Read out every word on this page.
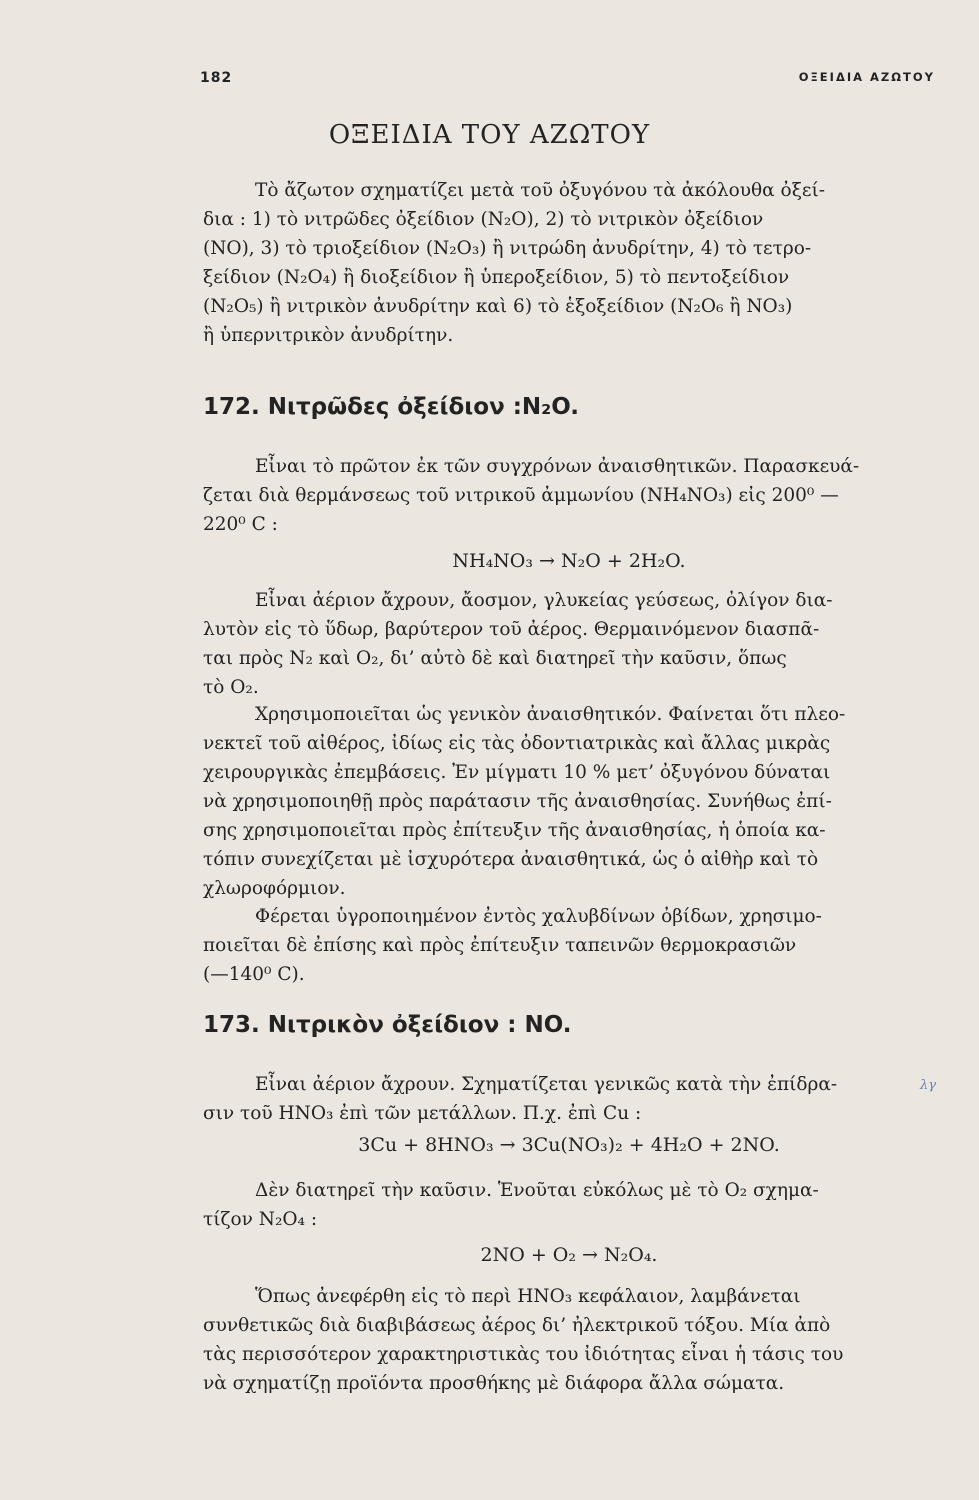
182	ΟΞΕΙΔΙΑ ΑΖΩΤΟΥ
ΟΞΕΙΔΙΑ ΤΟΥ ΑΖΩΤΟΥ
Τὸ ἄζωτον σχηματίζει μετὰ τοῦ ὀξυγόνου τὰ ἀκόλουθα ὀξεί-
δια : 1) τὸ νιτρῶδες ὀξείδιον (N₂O), 2) τὸ νιτρικὸν ὀξείδιον
(NO), 3) τὸ τριοξείδιον (N₂O₃) ἢ νιτρώδη ἀνυδρίτην, 4) τὸ τετρο-
ξείδιον (N₂O₄) ἢ διοξείδιον ἢ ὑπεροξείδιον, 5) τὸ πεντοξείδιον
(N₂O₅) ἢ νιτρικὸν ἀνυδρίτην καὶ 6) τὸ ἑξοξείδιον (N₂O₆ ἢ NO₃)
ἢ ὑπερνιτρικὸν ἀνυδρίτην.
172. Νιτρῶδες ὀξείδιον :N₂O.
Εἶναι τὸ πρῶτον ἐκ τῶν συγχρόνων ἀναισθητικῶν. Παρασκευά-
ζεται διὰ θερμάνσεως τοῦ νιτρικοῦ ἀμμωνίου (NH₄NO₃) εἰς 200⁰ —
220⁰ C :
NH₄NO₃ → N₂O + 2H₂O.
Εἶναι ἀέριον ἄχρουν, ἄοσμον, γλυκείας γεύσεως, ὀλίγον δια-
λυτὸν εἰς τὸ ὕδωρ, βαρύτερον τοῦ ἀέρος. Θερμαινόμενον διασπᾶ-
ται πρὸς N₂ καὶ O₂, δι’ αὐτὸ δὲ καὶ διατηρεῖ τὴν καῦσιν, ὅπως
τὸ O₂.
Χρησιμοποιεῖται ὡς γενικὸν ἀναισθητικόν. Φαίνεται ὅτι πλεο-
νεκτεῖ τοῦ αἰθέρος, ἰδίως εἰς τὰς ὀδοντιατρικὰς καὶ ἄλλας μικρὰς
χειρουργικὰς ἐπεμβάσεις. Ἐν μίγματι 10 % μετ’ ὀξυγόνου δύναται
νὰ χρησιμοποιηθῇ πρὸς παράτασιν τῆς ἀναισθησίας. Συνήθως ἐπί-
σης χρησιμοποιεῖται πρὸς ἐπίτευξιν τῆς ἀναισθησίας, ἡ ὁποία κα-
τόπιν συνεχίζεται μὲ ἰσχυρότερα ἀναισθητικά, ὡς ὁ αἰθὴρ καὶ τὸ
χλωροφόρμιον.
Φέρεται ὑγροποιημένον ἐντὸς χαλυβδίνων ὀβίδων, χρησιμο-
ποιεῖται δὲ ἐπίσης καὶ πρὸς ἐπίτευξιν ταπεινῶν θερμοκρασιῶν
(—140⁰ C).
173. Νιτρικὸν ὀξείδιον : NO.
Εἶναι ἀέριον ἄχρουν. Σχηματίζεται γενικῶς κατὰ τὴν ἐπίδρα-
σιν τοῦ HNO₃ ἐπὶ τῶν μετάλλων. Π.χ. ἐπὶ Cu :
λγ
3Cu + 8HNO₃ → 3Cu(NO₃)₂ + 4H₂O + 2NO.
Δὲν διατηρεῖ τὴν καῦσιν. Ἑνοῦται εὐκόλως μὲ τὸ O₂ σχημα-
τίζον N₂O₄ :
2NO + O₂ → N₂O₄.
Ὅπως ἀνεφέρθη εἰς τὸ περὶ HNO₃ κεφάλαιον, λαμβάνεται
συνθετικῶς διὰ διαβιβάσεως ἀέρος δι’ ἠλεκτρικοῦ τόξου. Μία ἀπὸ
τὰς περισσότερον χαρακτηριστικὰς του ἰδιότητας εἶναι ἡ τάσις του
νὰ σχηματίζῃ προϊόντα προσθήκης μὲ διάφορα ἄλλα σώματα.
